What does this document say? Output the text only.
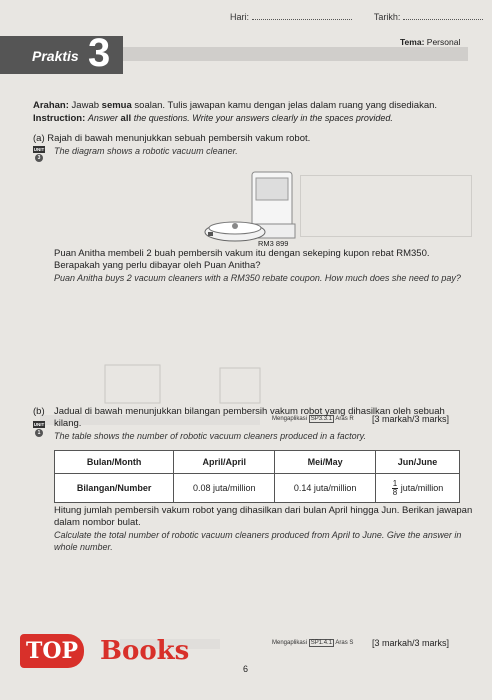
Hari:	Tarikh:
Praktis 3	Tema: Personal
Arahan: Jawab semua soalan. Tulis jawapan kamu dengan jelas dalam ruang yang disediakan.
Instruction: Answer all the questions. Write your answers clearly in the spaces provided.
(a) Rajah di bawah menunjukkan sebuah pembersih vakum robot.
The diagram shows a robotic vacuum cleaner.
UNIT
3
RM3 899
Puan Anitha membeli 2 buah pembersih vakum itu dengan sekeping kupon rebat RM350. Berapakah yang perlu dibayar oleh Puan Anitha?
Puan Anitha buys 2 vacuum cleaners with a RM350 rebate coupon. How much does she need to pay?
Mengaplikasi SP3.3.1 Aras R [3 markah/3 marks]
(b) Jadual di bawah menunjukkan bilangan pembersih vakum robot yang dihasilkan oleh sebuah kilang.
The table shows the number of robotic vacuum cleaners produced in a factory.
UNIT
1
Bulan/Month	April/April	Mei/May	Jun/June
Bilangan/Number	0.08 juta/million	0.14 juta/million	$\frac{1}{8}$ juta/million
Hitung jumlah pembersih vakum robot yang dihasilkan dari bulan April hingga Jun. Berikan jawapan dalam nombor bulat.
Calculate the total number of robotic vacuum cleaners produced from April to June. Give the answer in whole number.
Mengaplikasi SP1.4.1 Aras S [3 markah/3 marks]
TOP Books
6
